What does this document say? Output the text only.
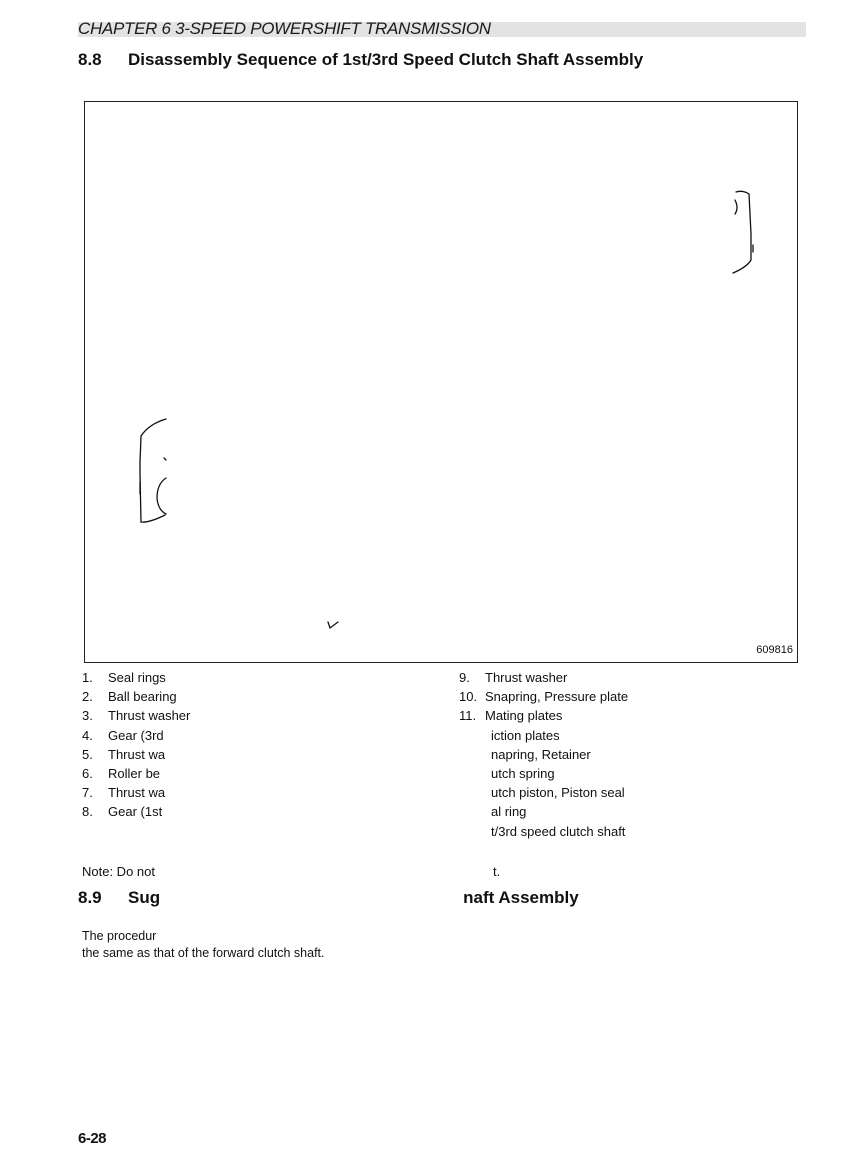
CHAPTER 6 3-SPEED POWERSHIFT TRANSMISSION
8.8 Disassembly Sequence of 1st/3rd Speed Clutch Shaft Assembly
609816
1. Seal rings
2. Ball bearing
3. Thrust washer
4. Gear (3rd
5. Thrust wa
6. Roller be
7. Thrust wa
8. Gear (1st
9. Thrust washer
10. Snapring, Pressure plate
11. Mating plates
iction plates
napring, Retainer
utch spring
utch piston, Piston seal
al ring
t/3rd speed clutch shaft
Note: Do not	t.
8.9 Sug	naft Assembly
The procedur
the same as that of the forward clutch shaft.
6-28
